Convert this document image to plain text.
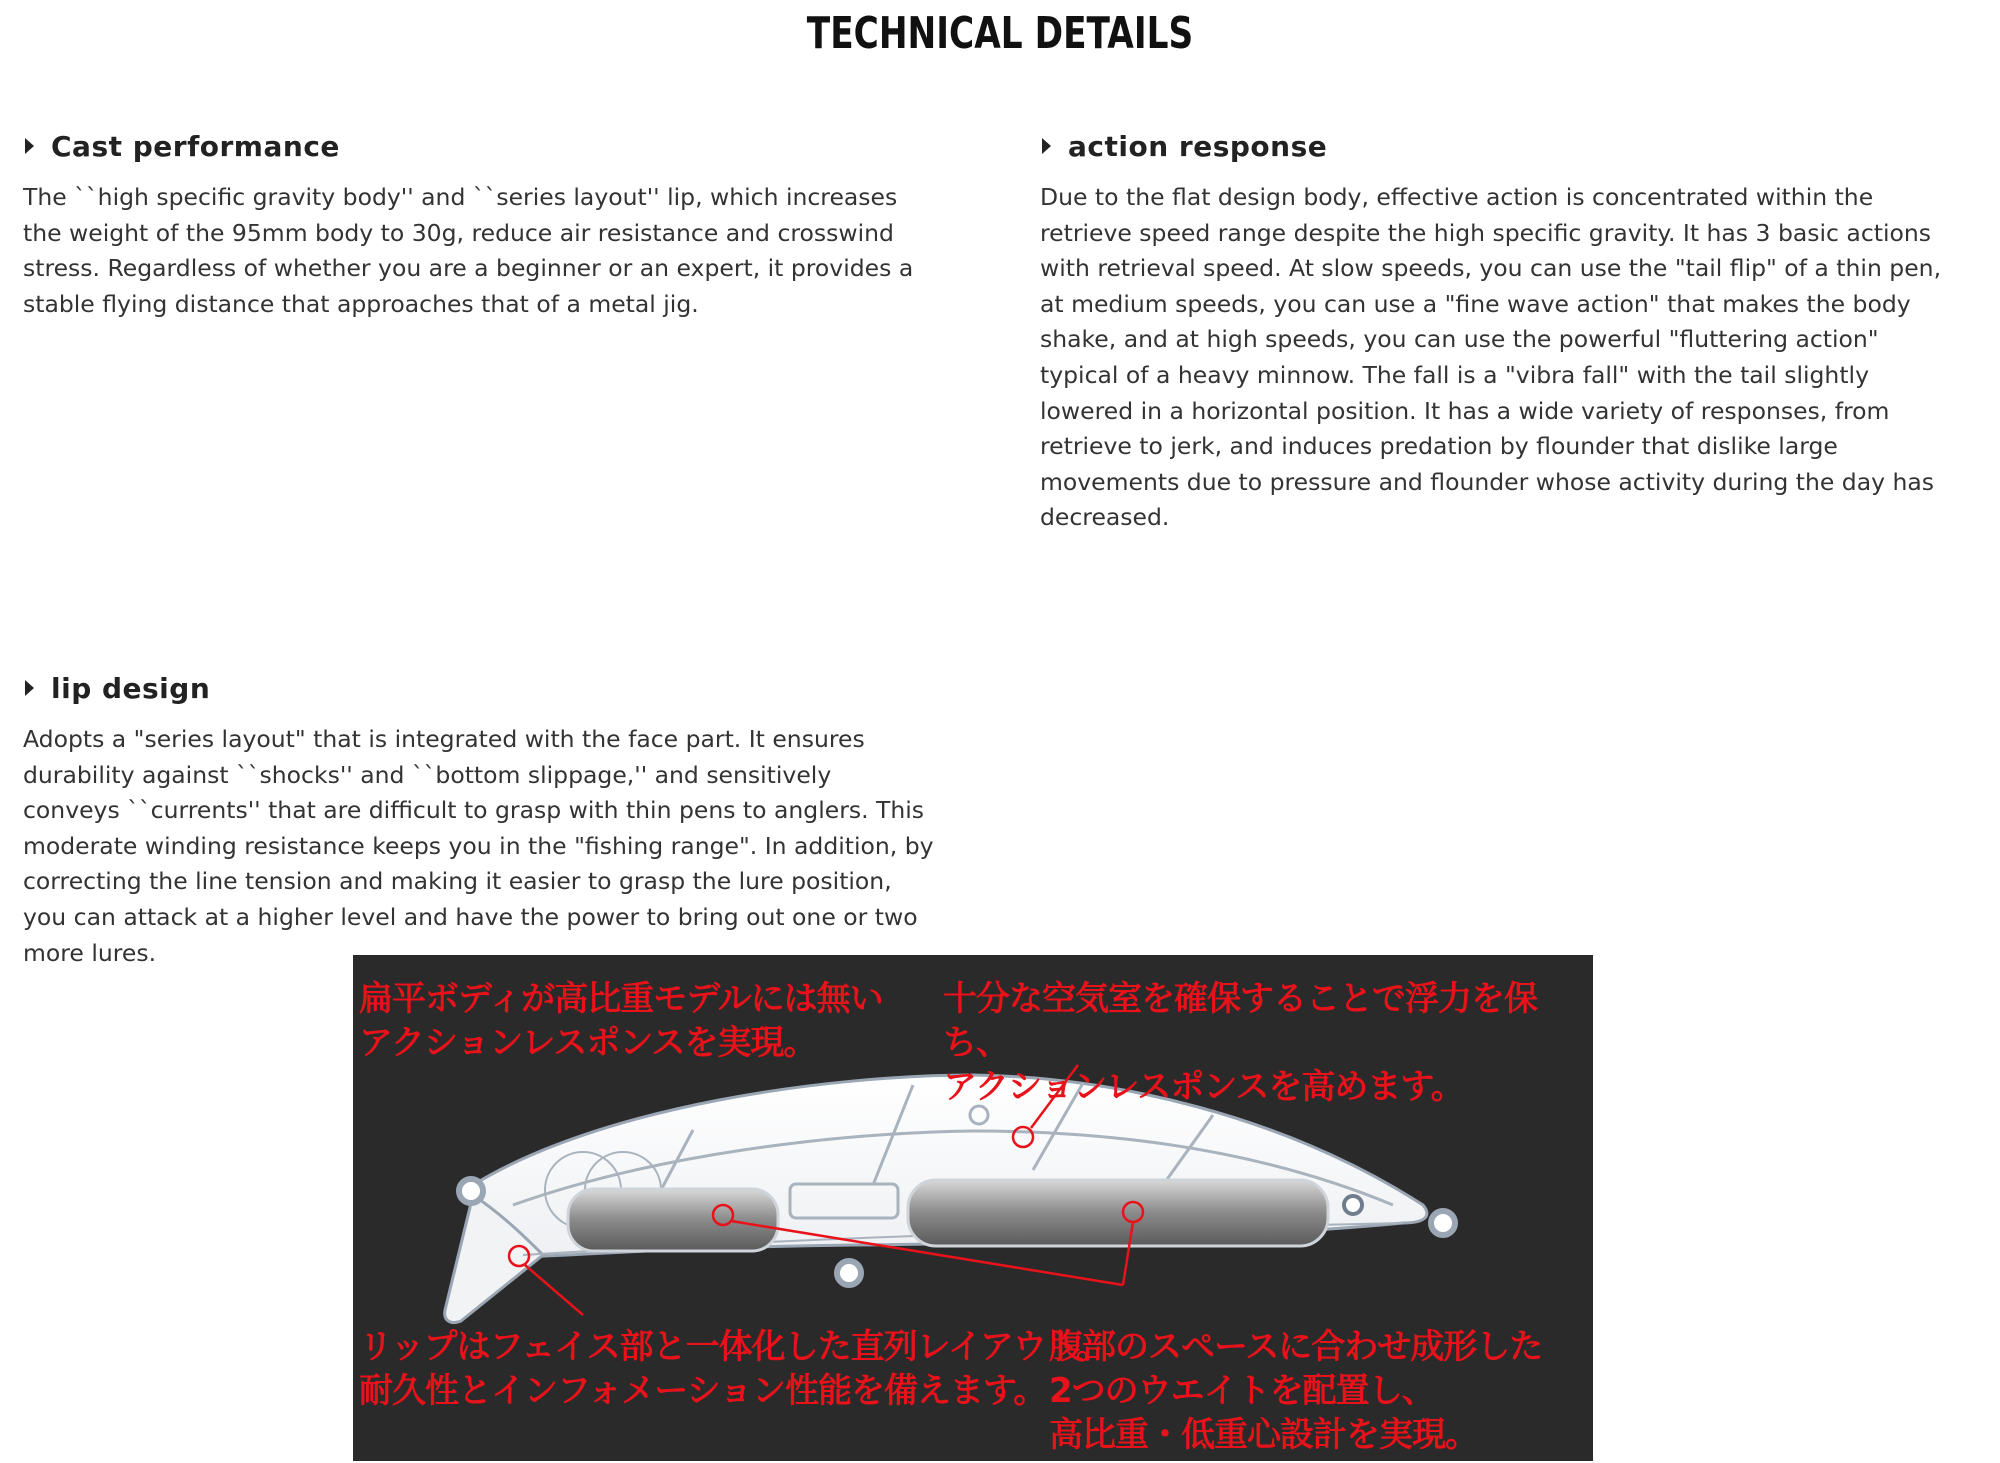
TECHNICAL DETAILS
Cast performance

The ``high specific gravity body'' and ``series layout'' lip, which increases
the weight of the 95mm body to 30g, reduce air resistance and crosswind
stress. Regardless of whether you are a beginner or an expert, it provides a
stable flying distance that approaches that of a metal jig.

action response

Due to the flat design body, effective action is concentrated within the
retrieve speed range despite the high specific gravity. It has 3 basic actions
with retrieval speed. At slow speeds, you can use the "tail flip" of a thin pen,
at medium speeds, you can use a "fine wave action" that makes the body
shake, and at high speeds, you can use the powerful "fluttering action"
typical of a heavy minnow. The fall is a "vibra fall" with the tail slightly
lowered in a horizontal position. It has a wide variety of responses, from
retrieve to jerk, and induces predation by flounder that dislike large
movements due to pressure and flounder whose activity during the day has
decreased.

lip design

Adopts a "series layout" that is integrated with the face part. It ensures
durability against ``shocks'' and ``bottom slippage,'' and sensitively
conveys ``currents'' that are difficult to grasp with thin pens to anglers. This
moderate winding resistance keeps you in the "fishing range". In addition, by
correcting the line tension and making it easier to grasp the lure position,
you can attack at a higher level and have the power to bring out one or two
more lures.

扁平ボディが高比重モデルには無い
アクションレスポンスを実現。
十分な空気室を確保することで浮力を保ち、
アクションレスポンスを高めます。
リップはフェイス部と一体化した直列レイアウト。
耐久性とインフォメーション性能を備えます。
腹部のスペースに合わせ成形した
2つのウエイトを配置し、
高比重・低重心設計を実現。
